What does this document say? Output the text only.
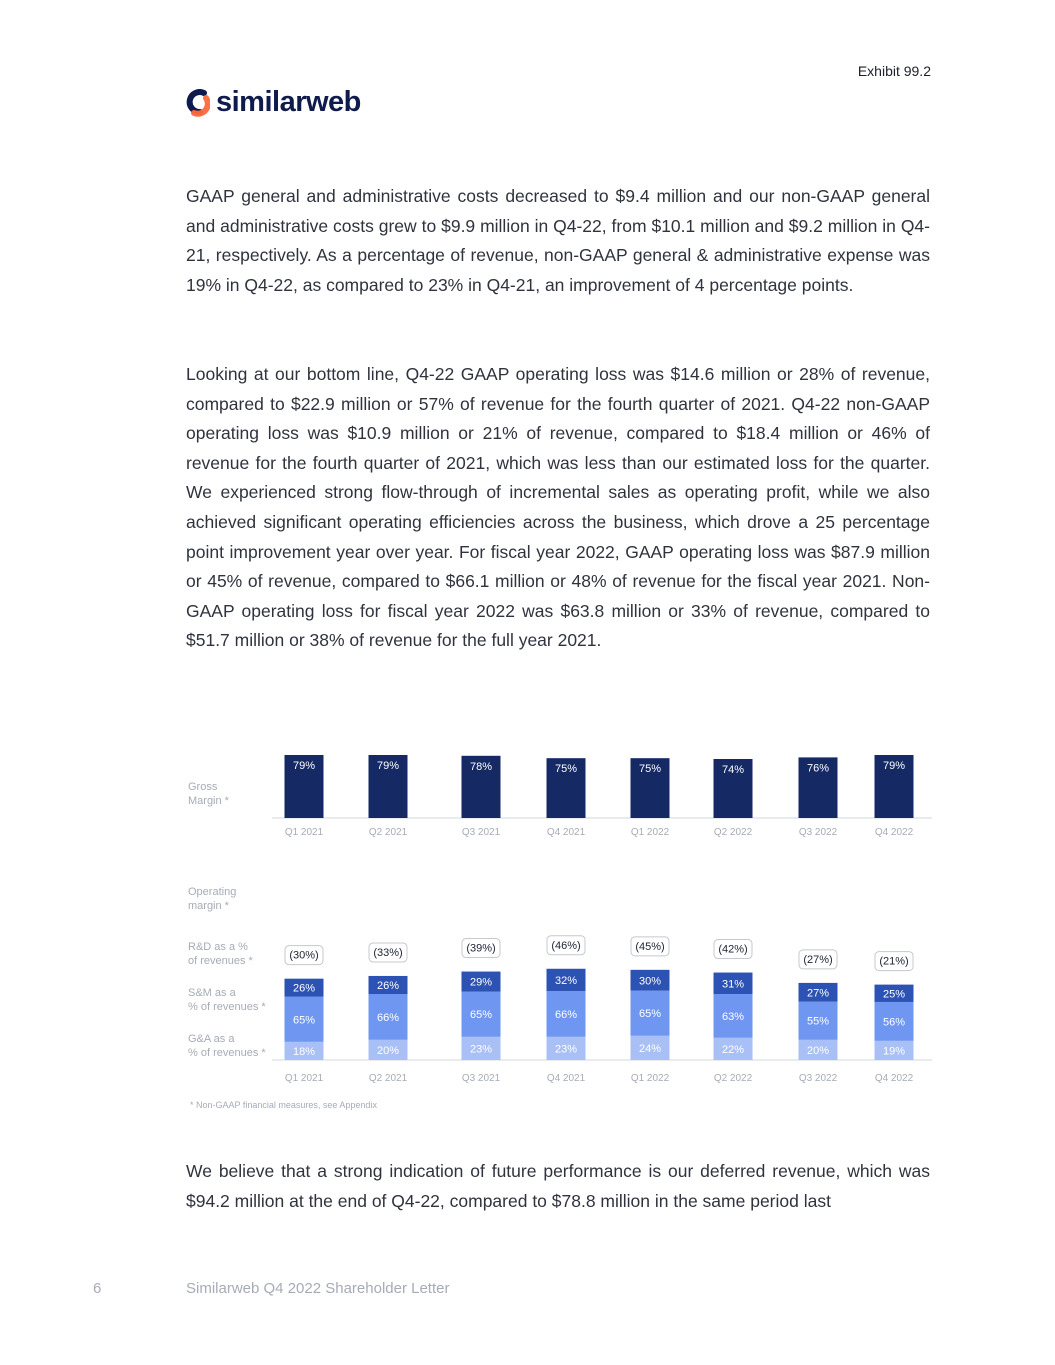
Exhibit 99.2
similarweb

GAAP general and administrative costs decreased to $9.4 million and our non-GAAP general and administrative costs grew to $9.9 million in Q4-22, from $10.1 million and $9.2 million in Q4-21, respectively. As a percentage of revenue, non-GAAP general & administrative expense was 19% in Q4-22, as compared to 23% in Q4-21, an improvement of 4 percentage points.

Looking at our bottom line, Q4-22 GAAP operating loss was $14.6 million or 28% of revenue, compared to $22.9 million or 57% of revenue for the fourth quarter of 2021. Q4-22 non-GAAP operating loss was $10.9 million or 21% of revenue, compared to $18.4 million or 46% of revenue for the fourth quarter of 2021, which was less than our estimated loss for the quarter. We experienced strong flow-through of incremental sales as operating profit, while we also achieved significant operating efficiencies across the business, which drove a 25 percentage point improvement year over year. For fiscal year 2022, GAAP operating loss was $87.9 million or 45% of revenue, compared to $66.1 million or 48% of revenue for the fiscal year 2021. Non-GAAP operating loss for fiscal year 2022 was $63.8 million or 33% of revenue, compared to $51.7 million or 38% of revenue for the full year 2021.

Gross Margin *
79%
Q1 2021
79%
Q2 2021
78%
Q3 2021
75%
Q4 2021
75%
Q1 2022
74%
Q2 2022
76%
Q3 2022
79%
Q4 2022
Operating margin *
G&A as a % of revenues *
S&M as a % of revenues *
R&D as a % of revenues *
18%
65%
26%
(30%)
Q1 2021
20%
66%
26%
(33%)
Q2 2021
23%
65%
29%
(39%)
Q3 2021
23%
66%
32%
(46%)
Q4 2021
24%
65%
30%
(45%)
Q1 2022
22%
63%
31%
(42%)
Q2 2022
20%
55%
27%
(27%)
Q3 2022
19%
56%
25%
(21%)
Q4 2022
* Non-GAAP financial measures, see Appendix

We believe that a strong indication of future performance is our deferred revenue, which was $94.2 million at the end of Q4-22, compared to $78.8 million in the same period last

6	Similarweb Q4 2022 Shareholder Letter
